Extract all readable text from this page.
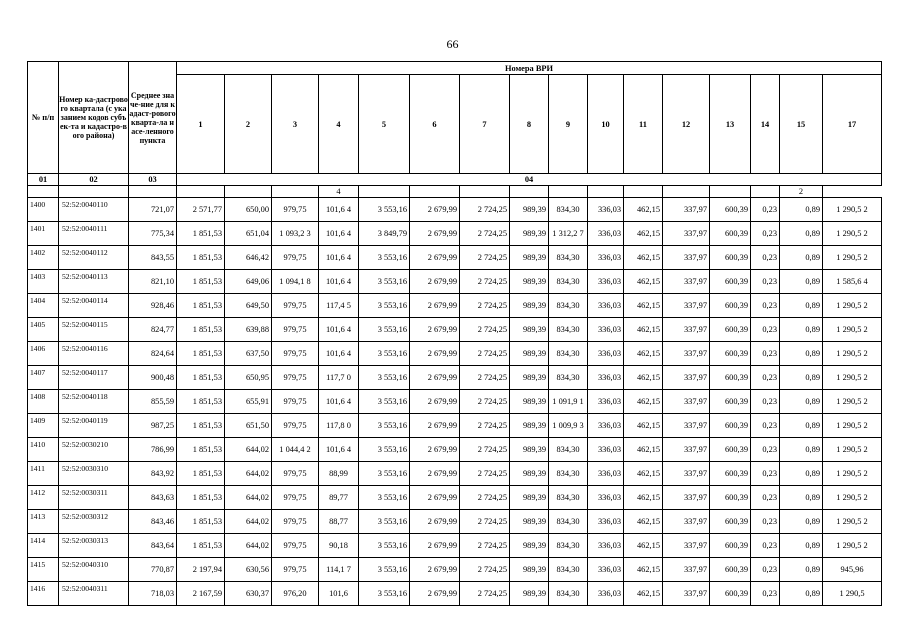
66
№ п/п	Номер ка-дастрового квартала (с указанием кодов субъек-та и кадастро-вого района)	Среднее значе-ние для кадаст-рового кварта-ла насе-ленного пункта	Номера ВРИ															
			1	2	3	4	5	6	7	8	9	10	11	12	13	14	15	17
01	02	03	04															
						4											2	
1400	52:52:0040110	721,07	2 571,77	650,00	979,75	101,6 4	3 553,16	2 679,99	2 724,25	989,39	834,30	336,03	462,15	337,97	600,39	0,23	0,89	1 290,5 2
1401	52:52:0040111	775,34	1 851,53	651,04	1 093,2 3	101,6 4	3 849,79	2 679,99	2 724,25	989,39	1 312,2 7	336,03	462,15	337,97	600,39	0,23	0,89	1 290,5 2
1402	52:52:0040112	843,55	1 851,53	646,42	979,75	101,6 4	3 553,16	2 679,99	2 724,25	989,39	834,30	336,03	462,15	337,97	600,39	0,23	0,89	1 290,5 2
1403	52:52:0040113	821,10	1 851,53	649,06	1 094,1 8	101,6 4	3 553,16	2 679,99	2 724,25	989,39	834,30	336,03	462,15	337,97	600,39	0,23	0,89	1 585,6 4
1404	52:52:0040114	928,46	1 851,53	649,50	979,75	117,4 5	3 553,16	2 679,99	2 724,25	989,39	834,30	336,03	462,15	337,97	600,39	0,23	0,89	1 290,5 2
1405	52:52:0040115	824,77	1 851,53	639,88	979,75	101,6 4	3 553,16	2 679,99	2 724,25	989,39	834,30	336,03	462,15	337,97	600,39	0,23	0,89	1 290,5 2
1406	52:52:0040116	824,64	1 851,53	637,50	979,75	101,6 4	3 553,16	2 679,99	2 724,25	989,39	834,30	336,03	462,15	337,97	600,39	0,23	0,89	1 290,5 2
1407	52:52:0040117	900,48	1 851,53	650,95	979,75	117,7 0	3 553,16	2 679,99	2 724,25	989,39	834,30	336,03	462,15	337,97	600,39	0,23	0,89	1 290,5 2
1408	52:52:0040118	855,59	1 851,53	655,91	979,75	101,6 4	3 553,16	2 679,99	2 724,25	989,39	1 091,9 1	336,03	462,15	337,97	600,39	0,23	0,89	1 290,5 2
1409	52:52:0040119	987,25	1 851,53	651,50	979,75	117,8 0	3 553,16	2 679,99	2 724,25	989,39	1 009,9 3	336,03	462,15	337,97	600,39	0,23	0,89	1 290,5 2
1410	52:52:0030210	786,99	1 851,53	644,02	1 044,4 2	101,6 4	3 553,16	2 679,99	2 724,25	989,39	834,30	336,03	462,15	337,97	600,39	0,23	0,89	1 290,5 2
1411	52:52:0030310	843,92	1 851,53	644,02	979,75	88,99	3 553,16	2 679,99	2 724,25	989,39	834,30	336,03	462,15	337,97	600,39	0,23	0,89	1 290,5 2
1412	52:52:0030311	843,63	1 851,53	644,02	979,75	89,77	3 553,16	2 679,99	2 724,25	989,39	834,30	336,03	462,15	337,97	600,39	0,23	0,89	1 290,5 2
1413	52:52:0030312	843,46	1 851,53	644,02	979,75	88,77	3 553,16	2 679,99	2 724,25	989,39	834,30	336,03	462,15	337,97	600,39	0,23	0,89	1 290,5 2
1414	52:52:0030313	843,64	1 851,53	644,02	979,75	90,18	3 553,16	2 679,99	2 724,25	989,39	834,30	336,03	462,15	337,97	600,39	0,23	0,89	1 290,5 2
1415	52:52:0040310	770,87	2 197,94	630,56	979,75	114,1 7	3 553,16	2 679,99	2 724,25	989,39	834,30	336,03	462,15	337,97	600,39	0,23	0,89	945,96
1416	52:52:0040311	718,03	2 167,59	630,37	976,20	101,6	3 553,16	2 679,99	2 724,25	989,39	834,30	336,03	462,15	337,97	600,39	0,23	0,89	1 290,5
